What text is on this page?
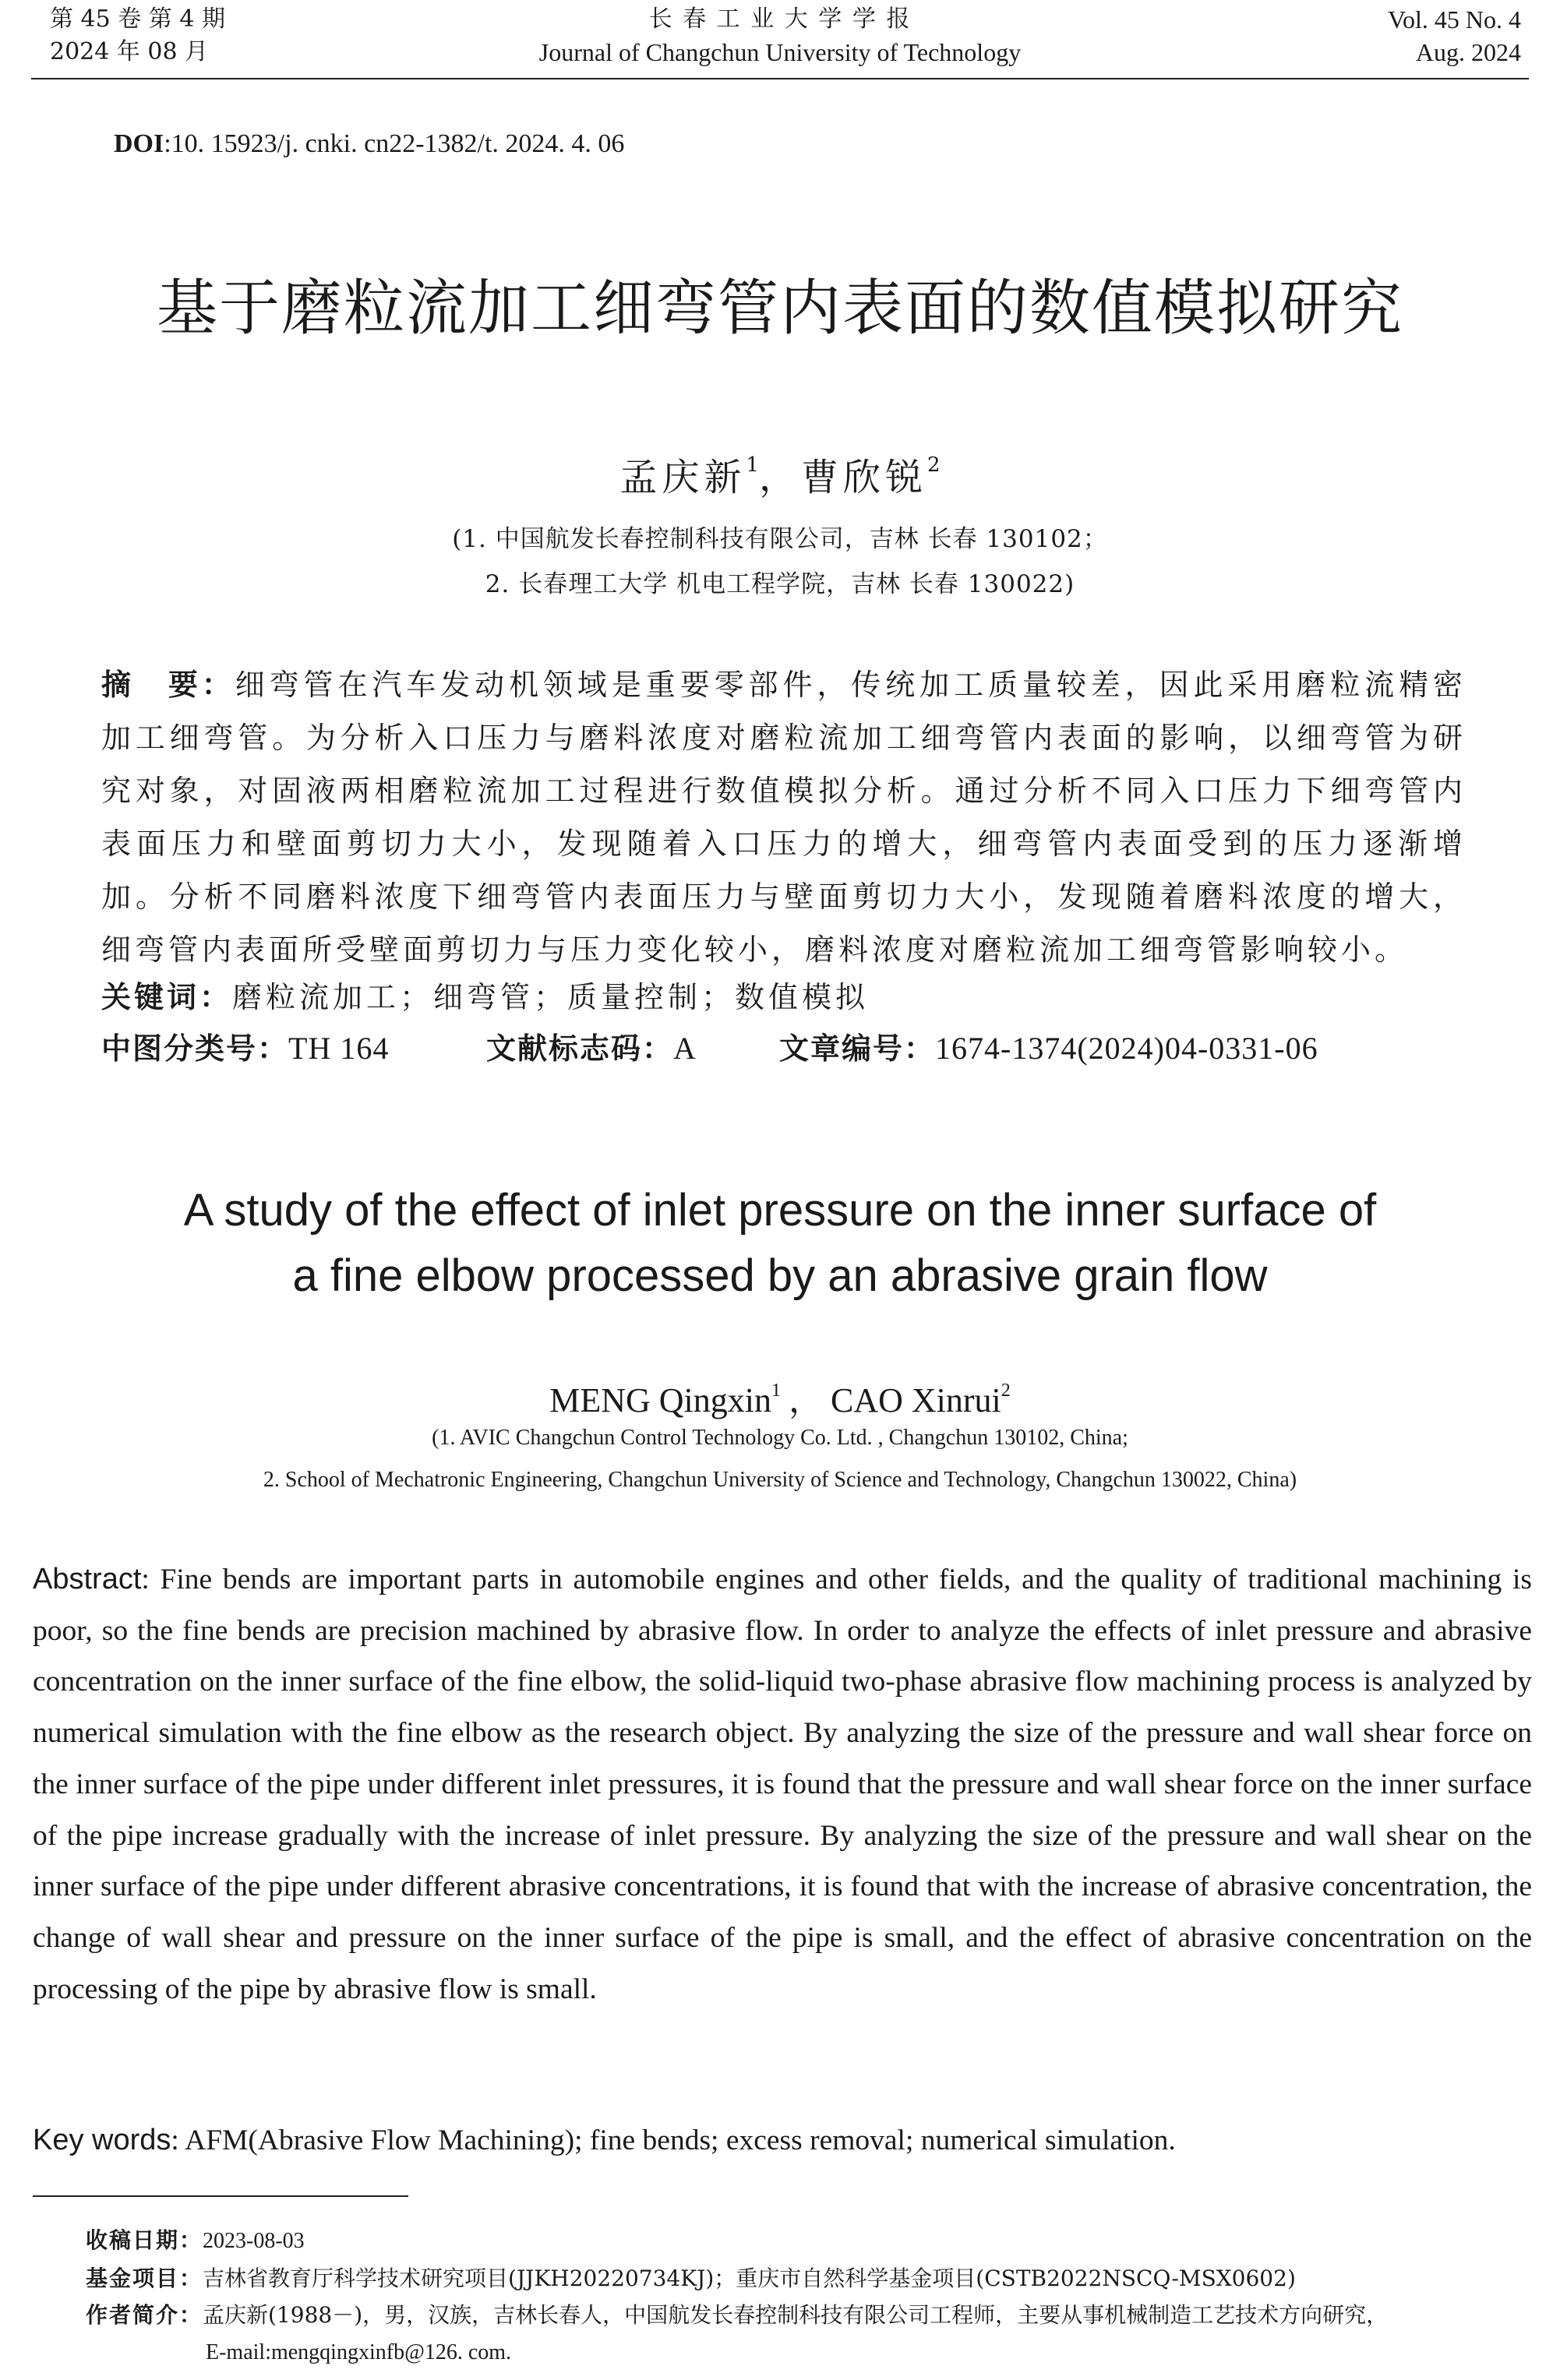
第 45 卷 第 4 期
2024 年 08 月
长 春 工 业 大 学 学 报
Journal of Changchun University of Technology
Vol. 45 No. 4
Aug. 2024
DOI:10. 15923/j. cnki. cn22-1382/t. 2024. 4. 06
基于磨粒流加工细弯管内表面的数值模拟研究
孟庆新$^1$，曹欣锐$^2$
(1. 中国航发长春控制科技有限公司，吉林 长春 130102；
2. 长春理工大学 机电工程学院，吉林 长春 130022)

摘　要：细弯管在汽车发动机领域是重要零部件，传统加工质量较差，因此采用磨粒流精密加工细弯管。为分析入口压力与磨料浓度对磨粒流加工细弯管内表面的影响，以细弯管为研究对象，对固液两相磨粒流加工过程进行数值模拟分析。通过分析不同入口压力下细弯管内表面压力和壁面剪切力大小，发现随着入口压力的增大，细弯管内表面受到的压力逐渐增加。分析不同磨料浓度下细弯管内表面压力与壁面剪切力大小，发现随着磨料浓度的增大，细弯管内表面所受壁面剪切力与压力变化较小，磨料浓度对磨粒流加工细弯管影响较小。

关键词：磨粒流加工；细弯管；质量控制；数值模拟
中图分类号：TH 164	文献标志码：A	文章编号：1674-1374(2024)04-0331-06
A study of the effect of inlet pressure on the inner surface of
a fine elbow processed by an abrasive grain flow
MENG Qingxin$^1$ ， CAO Xinrui$^2$
(1. AVIC Changchun Control Technology Co. Ltd. , Changchun 130102, China;
2. School of Mechatronic Engineering, Changchun University of Science and Technology, Changchun 130022, China)

Abstract: Fine bends are important parts in automobile engines and other fields, and the quality of traditional machining is poor, so the fine bends are precision machined by abrasive flow. In order to analyze the effects of inlet pressure and abrasive concentration on the inner surface of the fine elbow, the solid-liquid two-phase abrasive flow machining process is analyzed by numerical simulation with the fine elbow as the research object. By analyzing the size of the pressure and wall shear force on the inner surface of the pipe under different inlet pressures, it is found that the pressure and wall shear force on the inner surface of the pipe increase gradually with the increase of inlet pressure. By analyzing the size of the pressure and wall shear on the inner surface of the pipe under different abrasive concentrations, it is found that with the increase of abrasive concentration, the change of wall shear and pressure on the inner surface of the pipe is small, and the effect of abrasive concentration on the processing of the pipe by abrasive flow is small.

Key words: AFM(Abrasive Flow Machining); fine bends; excess removal; numerical simulation.
收稿日期：2023-08-03
基金项目：吉林省教育厅科学技术研究项目(JJKH20220734KJ)；重庆市自然科学基金项目(CSTB2022NSCQ-MSX0602)
作者简介：孟庆新(1988－)，男，汉族，吉林长春人，中国航发长春控制科技有限公司工程师，主要从事机械制造工艺技术方向研究，
E-mail:mengqingxinfb@126. com.
